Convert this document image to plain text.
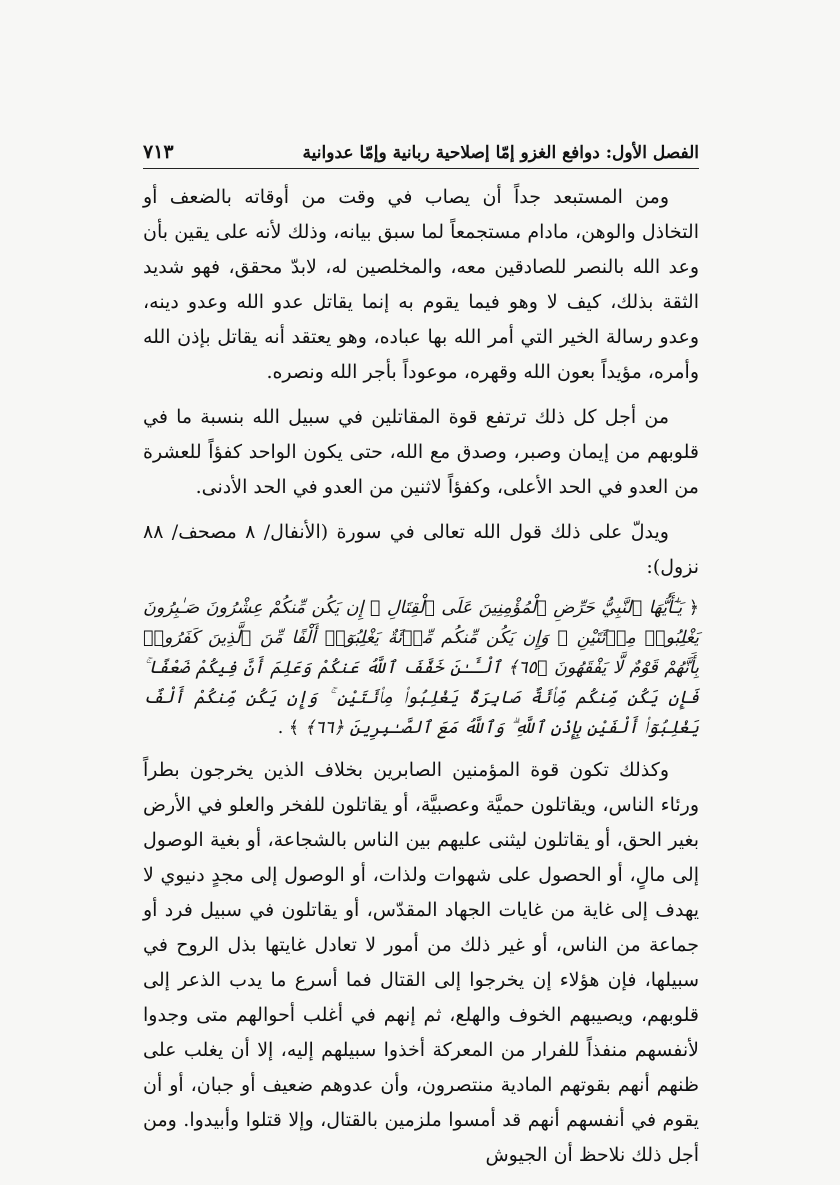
الفصل الأول: دوافع الغزو إمّا إصلاحية ربانية وإمّا عدوانية
٧١٣

ومن المستبعد جداً أن يصاب في وقت من أوقاته بالضعف أو التخاذل والوهن، مادام مستجمعاً لما سبق بيانه، وذلك لأنه على يقين بأن وعد الله بالنصر للصادقين معه، والمخلصين له، لابدّ محقق، فهو شديد الثقة بذلك، كيف لا وهو فيما يقوم به إنما يقاتل عدو الله وعدو دينه، وعدو رسالة الخير التي أمر الله بها عباده، وهو يعتقد أنه يقاتل بإذن الله وأمره، مؤيداً بعون الله وقهره، موعوداً بأجر الله ونصره.

من أجل كل ذلك ترتفع قوة المقاتلين في سبيل الله بنسبة ما في قلوبهم من إيمان وصبر، وصدق مع الله، حتى يكون الواحد كفؤاً للعشرة من العدو في الحد الأعلى، وكفؤاً لاثنين من العدو في الحد الأدنى.

ويدلّ على ذلك قول الله تعالى في سورة (الأنفال/ ٨ مصحف/ ٨٨ نزول):

﴿ يَـٰٓأَيُّهَا ٱلنَّبِيُّ حَرِّضِ ٱلْمُؤْمِنِينَ عَلَى ٱلْقِتَالِ ۚ إِن يَكُن مِّنكُمْ عِشْرُونَ صَـٰبِرُونَ يَغْلِبُوا۟ مِا۟ئَتَيْنِ ۚ وَإِن يَكُن مِّنكُم مِّا۟ئَةٌ يَغْلِبُوٓا۟ أَلْفًا مِّنَ ٱلَّذِينَ كَفَرُوا۟ بِأَنَّهُمْ قَوْمٌ لَّا يَفْقَهُونَ ﴿٦٥﴾ ٱلْـَٔـٰنَ خَفَّفَ ٱللَّهُ عَنكُمْ وَعَلِمَ أَنَّ فِيكُمْ ضَعْفًا ۚ فَإِن يَكُن مِّنكُم مِّا۟ئَةٌ صَابِرَةٌ يَغْلِبُوا۟ مِا۟ئَتَيْنِ ۚ وَإِن يَكُن مِّنكُمْ أَلْفٌ يَغْلِبُوٓا۟ أَلْفَيْنِ بِإِذْنِ ٱللَّهِ ۗ وَٱللَّهُ مَعَ ٱلصَّـٰبِرِينَ ﴿٦٦﴾ ﴾ .

وكذلك تكون قوة المؤمنين الصابرين بخلاف الذين يخرجون بطراً ورئاء الناس، ويقاتلون حميَّة وعصبيَّة، أو يقاتلون للفخر والعلو في الأرض بغير الحق، أو يقاتلون ليثنى عليهم بين الناس بالشجاعة، أو بغية الوصول إلى مالٍ، أو الحصول على شهوات ولذات، أو الوصول إلى مجدٍ دنيوي لا يهدف إلى غاية من غايات الجهاد المقدّس، أو يقاتلون في سبيل فرد أو جماعة من الناس، أو غير ذلك من أمور لا تعادل غايتها بذل الروح في سبيلها، فإن هؤلاء إن يخرجوا إلى القتال فما أسرع ما يدب الذعر إلى قلوبهم، ويصيبهم الخوف والهلع، ثم إنهم في أغلب أحوالهم متى وجدوا لأنفسهم منفذاً للفرار من المعركة أخذوا سبيلهم إليه، إلا أن يغلب على ظنهم أنهم بقوتهم المادية منتصرون، وأن عدوهم ضعيف أو جبان، أو أن يقوم في أنفسهم أنهم قد أمسوا ملزمين بالقتال، وإلا قتلوا وأبيدوا. ومن أجل ذلك نلاحظ أن الجيوش
